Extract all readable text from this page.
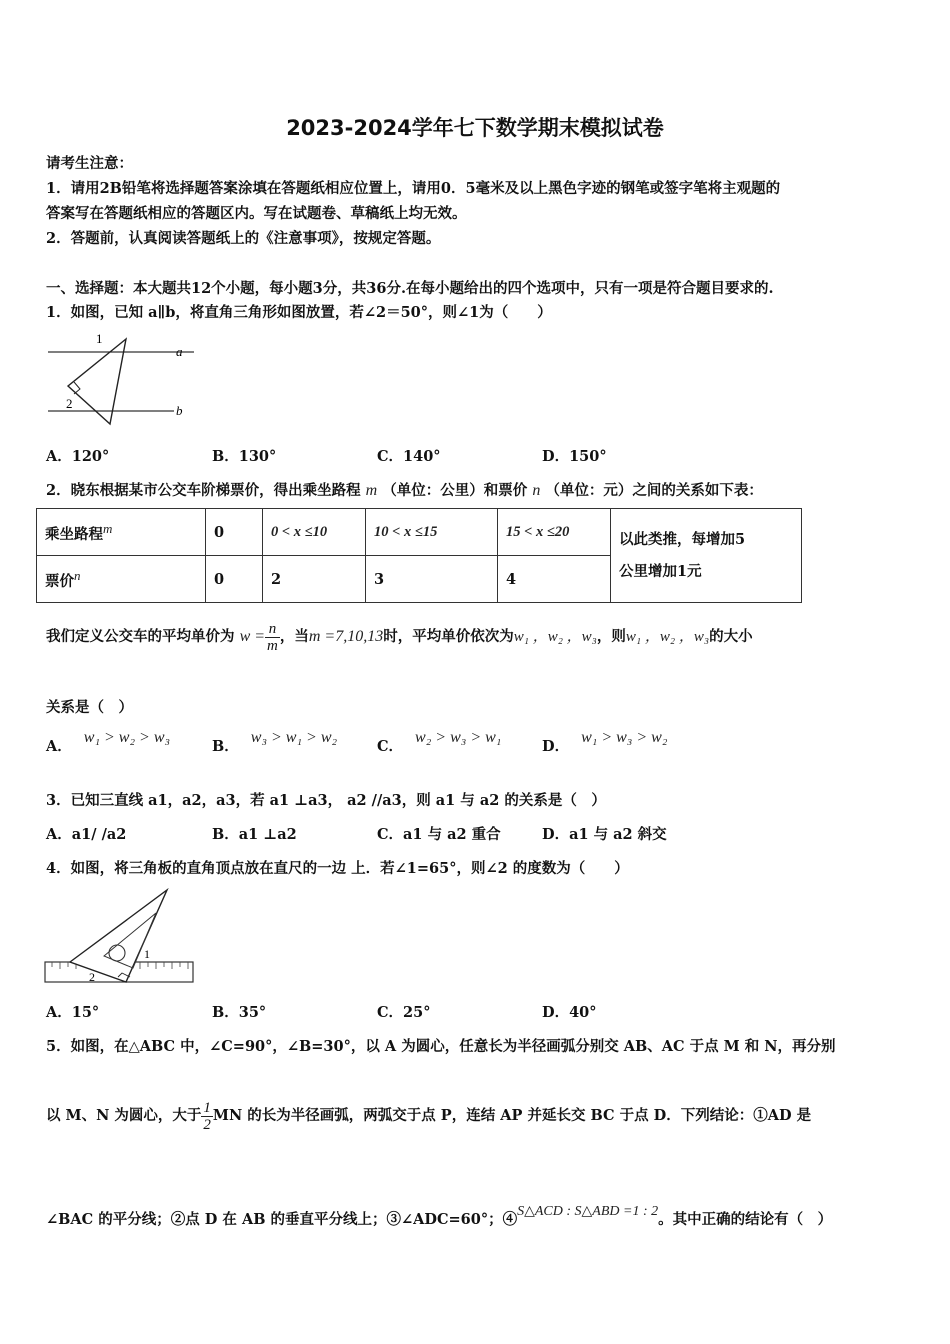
2023-2024学年七下数学期末模拟试卷
请考生注意：
1．请用2B铅笔将选择题答案涂填在答题纸相应位置上，请用0．5毫米及以上黑色字迹的钢笔或签字笔将主观题的
答案写在答题纸相应的答题区内。写在试题卷、草稿纸上均无效。
2．答题前，认真阅读答题纸上的《注意事项》，按规定答题。
一、选择题：本大题共12个小题，每小题3分，共36分.在每小题给出的四个选项中，只有一项是符合题目要求的.
1．如图，已知 a∥b，将直角三角形如图放置，若∠2＝50°，则∠1为（　　）
1
2
a
b
A．120°	B．130°	C．140°	D．150°
2．晓东根据某市公交车阶梯票价，得出乘坐路程 m （单位：公里）和票价 n （单位：元）之间的关系如下表：
乘坐路程$^m$	0	0 < x ≤10	10 < x ≤15	15 < x ≤20	以此类推，每增加5
公里增加1元

票价$^n$	0	2	3	4	
我们定义公交车的平均单价为 $w = \frac{n}{m}$ ，当m =7,10,13时，平均单价依次为w₁ ，w₂ ，w₃，则w₁ ，w₂ ，w₃的大小
关系是（　）
A．w₁ > w₂ > w₃
B．w₃ > w₁ > w₂
C．w₂ > w₃ > w₁
D．w₁ > w₃ > w₂
3．已知三直线 a1，a2，a3，若 a1 ⊥a3， a2 //a3，则 a1 与 a2 的关系是（　）
A．a1/ /a2	B．a1 ⊥a2	C．a1 与 a2 重合	D．a1 与 a2 斜交
4．如图，将三角板的直角顶点放在直尺的一边 上．若∠1=65°，则∠2 的度数为（　　）
1
2
A．15°	B．35°	C．25°	D．40°
5．如图，在△ABC 中，∠C=90°，∠B=30°，以 A 为圆心，任意长为半径画弧分别交 AB、AC 于点 M 和 N，再分别
以 M、N 为圆心，大于 $\frac{1}{2}$ MN 的长为半径画弧，两弧交于点 P，连结 AP 并延长交 BC 于点 D．下列结论：①AD 是
∠BAC 的平分线；②点 D 在 AB 的垂直平分线上；③∠ADC=60°；④S△ACD : S△ABD =1 : 2。其中正确的结论有（　）
